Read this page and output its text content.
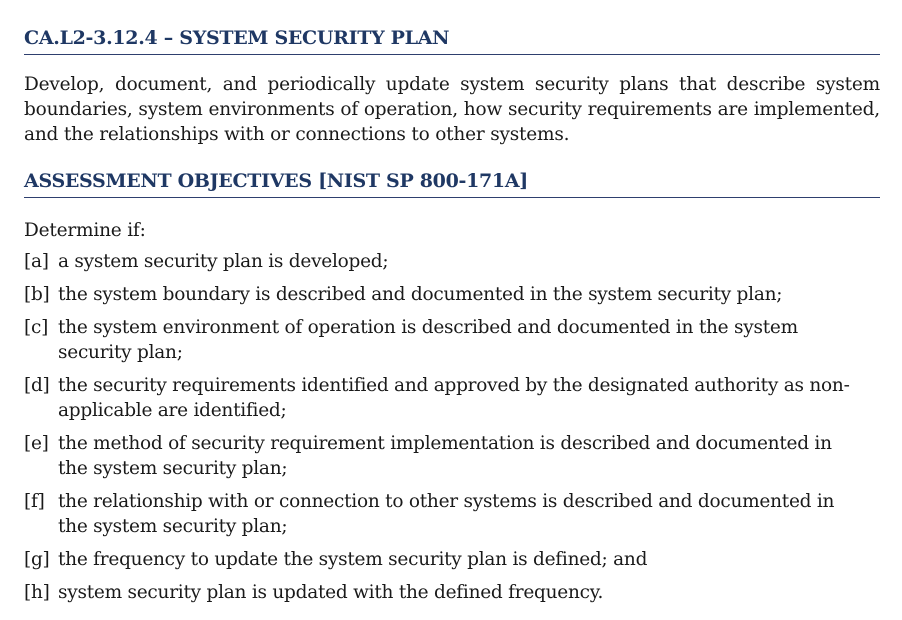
CA.L2-3.12.4 – SYSTEM SECURITY PLAN

Develop, document, and periodically update system security plans that describe system boundaries, system environments of operation, how security requirements are implemented, and the relationships with or connections to other systems.

ASSESSMENT OBJECTIVES [NIST SP 800-171A]

Determine if:

[a] a system security plan is developed;
[b] the system boundary is described and documented in the system security plan;
[c] the system environment of operation is described and documented in the system security plan;
[d] the security requirements identified and approved by the designated authority as non-applicable are identified;
[e] the method of security requirement implementation is described and documented in the system security plan;
[f] the relationship with or connection to other systems is described and documented in the system security plan;
[g] the frequency to update the system security plan is defined; and
[h] system security plan is updated with the defined frequency.
